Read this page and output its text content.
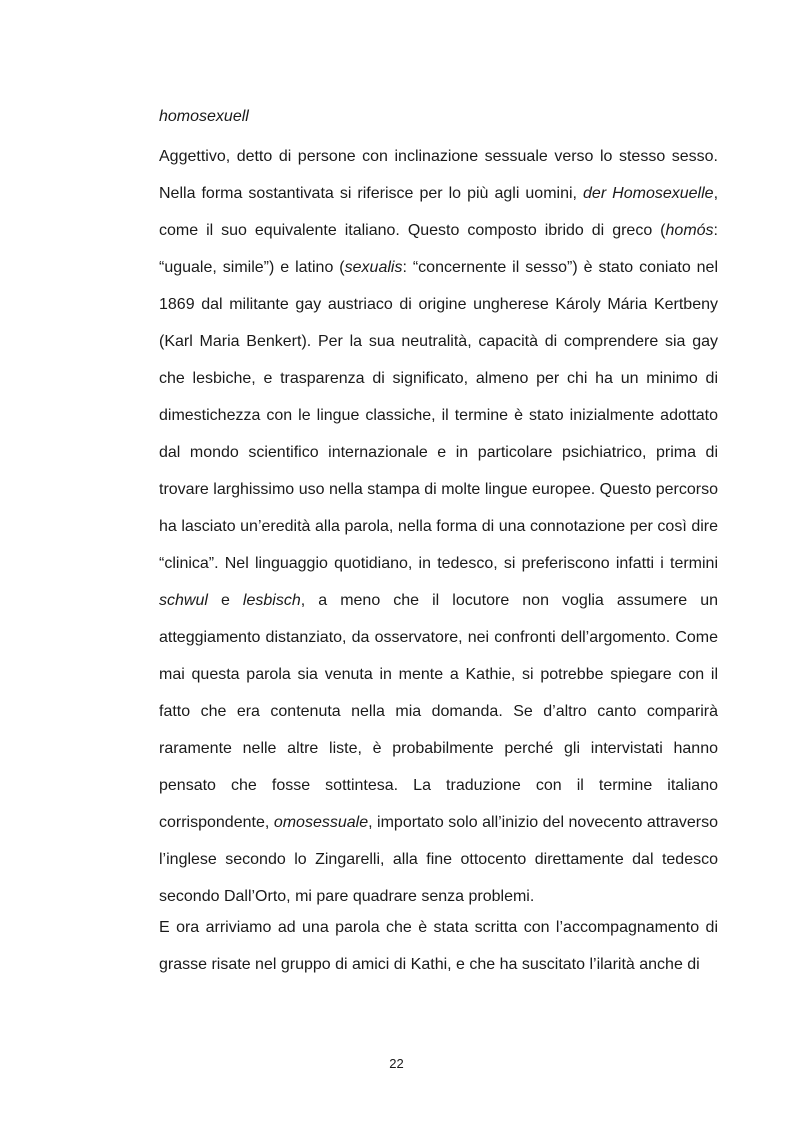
homosexuell

Aggettivo, detto di persone con inclinazione sessuale verso lo stesso sesso. Nella forma sostantivata si riferisce per lo più agli uomini, der Homosexuelle, come il suo equivalente italiano. Questo composto ibrido di greco (homós: “uguale, simile”) e latino (sexualis: “concernente il sesso”) è stato coniato nel 1869 dal militante gay austriaco di origine ungherese Károly Mária Kertbeny (Karl Maria Benkert). Per la sua neutralità, capacità di comprendere sia gay che lesbiche, e trasparenza di significato, almeno per chi ha un minimo di dimestichezza con le lingue classiche, il termine è stato inizialmente adottato dal mondo scientifico internazionale e in particolare psichiatrico, prima di trovare larghissimo uso nella stampa di molte lingue europee. Questo percorso ha lasciato un’eredità alla parola, nella forma di una connotazione per così dire “clinica”. Nel linguaggio quotidiano, in tedesco, si preferiscono infatti i termini schwul e lesbisch, a meno che il locutore non voglia assumere un atteggiamento distanziato, da osservatore, nei confronti dell’argomento. Come mai questa parola sia venuta in mente a Kathie, si potrebbe spiegare con il fatto che era contenuta nella mia domanda. Se d’altro canto comparirà raramente nelle altre liste, è probabilmente perché gli intervistati hanno pensato che fosse sottintesa. La traduzione con il termine italiano corrispondente, omosessuale, importato solo all’inizio del novecento attraverso l’inglese secondo lo Zingarelli, alla fine ottocento direttamente dal tedesco secondo Dall’Orto, mi pare quadrare senza problemi.

E ora arriviamo ad una parola che è stata scritta con l’accompagnamento di grasse risate nel gruppo di amici di Kathi, e che ha suscitato l’ilarità anche di

22
